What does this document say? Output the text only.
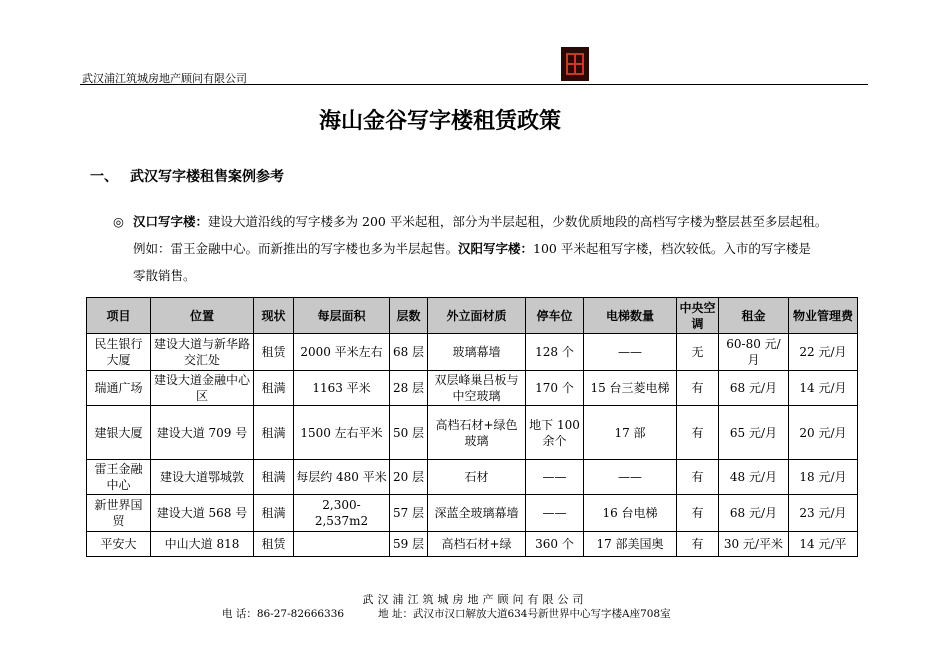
武汉浦江筑城房地产顾问有限公司
海山金谷写字楼租赁政策
一、 武汉写字楼租售案例参考
◎ 汉口写字楼：建设大道沿线的写字楼多为 200 平米起租，部分为半层起租，少数优质地段的高档写字楼为整层甚至多层起租。
例如：雷王金融中心。而新推出的写字楼也多为半层起售。汉阳写字楼：100 平米起租写字楼，档次较低。入市的写字楼是
零散销售。
项目	位置	现状	每层面积	层数	外立面材质	停车位	电梯数量	中央空调	租金	物业管理费
民生银行大厦	建设大道与新华路交汇处	租赁	2000 平米左右	68 层	玻璃幕墙	128 个	——	无	60-80 元/月	22 元/月
瑞通广场	建设大道金融中心区	租满	1163 平米	28 层	双层峰巢吕板与中空玻璃	170 个	15 台三菱电梯	有	68 元/月	14 元/月
建银大厦	建设大道 709 号	租满	1500 左右平米	50 层	高档石材+绿色玻璃	地下 100 余个	17 部	有	65 元/月	20 元/月
雷王金融中心	建设大道鄂城敦	租满	每层约 480 平米	20 层	石材	——	——	有	48 元/月	18 元/月
新世界国贸	建设大道 568 号	租满	2,300-2,537m2	57 层	深蓝全玻璃幕墙	——	16 台电梯	有	68 元/月	23 元/月
平安大	中山大道 818	租赁		59 层	高档石材+绿	360 个	17 部美国奥	有	30 元/平米	14 元/平
武汉浦江筑城房地产顾问有限公司
电 话：86-27-82666336	地 址：武汉市汉口解放大道634号新世界中心写字楼A座708室
